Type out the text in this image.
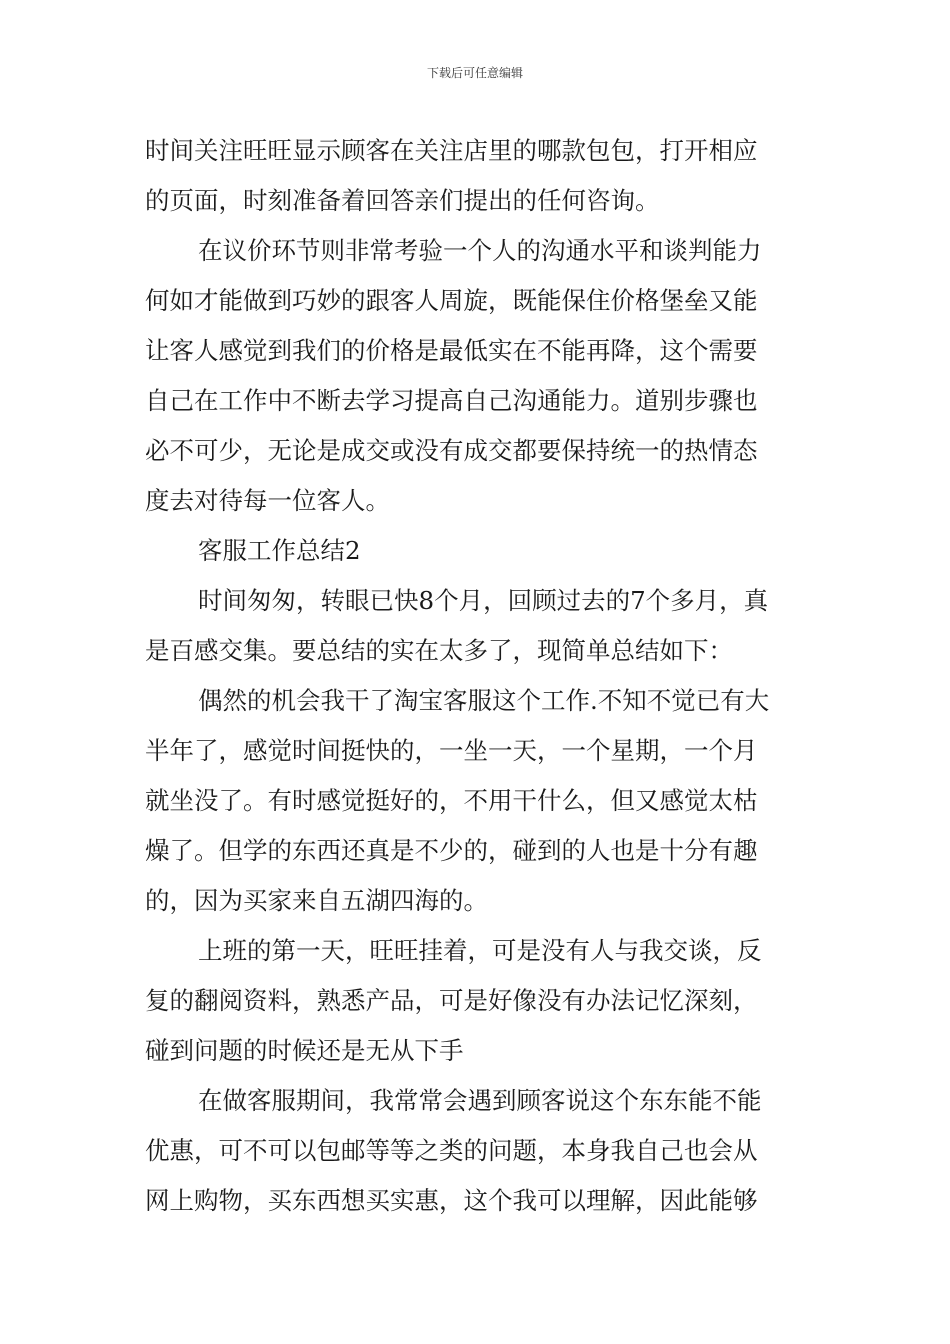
下载后可任意编辑
时间关注旺旺显示顾客在关注店里的哪款包包，打开相应
的页面，时刻准备着回答亲们提出的任何咨询。
在议价环节则非常考验一个人的沟通水平和谈判能力
何如才能做到巧妙的跟客人周旋，既能保住价格堡垒又能
让客人感觉到我们的价格是最低实在不能再降，这个需要
自己在工作中不断去学习提高自己沟通能力。道别步骤也
必不可少，无论是成交或没有成交都要保持统一的热情态
度去对待每一位客人。
客服工作总结2
时间匆匆，转眼已快8个月，回顾过去的7个多月，真
是百感交集。要总结的实在太多了，现简单总结如下：
偶然的机会我干了淘宝客服这个工作.不知不觉已有大
半年了，感觉时间挺快的，一坐一天，一个星期，一个月
就坐没了。有时感觉挺好的，不用干什么，但又感觉太枯
燥了。但学的东西还真是不少的，碰到的人也是十分有趣
的，因为买家来自五湖四海的。
上班的第一天，旺旺挂着，可是没有人与我交谈，反
复的翻阅资料，熟悉产品，可是好像没有办法记忆深刻，
碰到问题的时候还是无从下手
在做客服期间，我常常会遇到顾客说这个东东能不能
优惠，可不可以包邮等等之类的问题，本身我自己也会从
网上购物，买东西想买实惠，这个我可以理解，因此能够
